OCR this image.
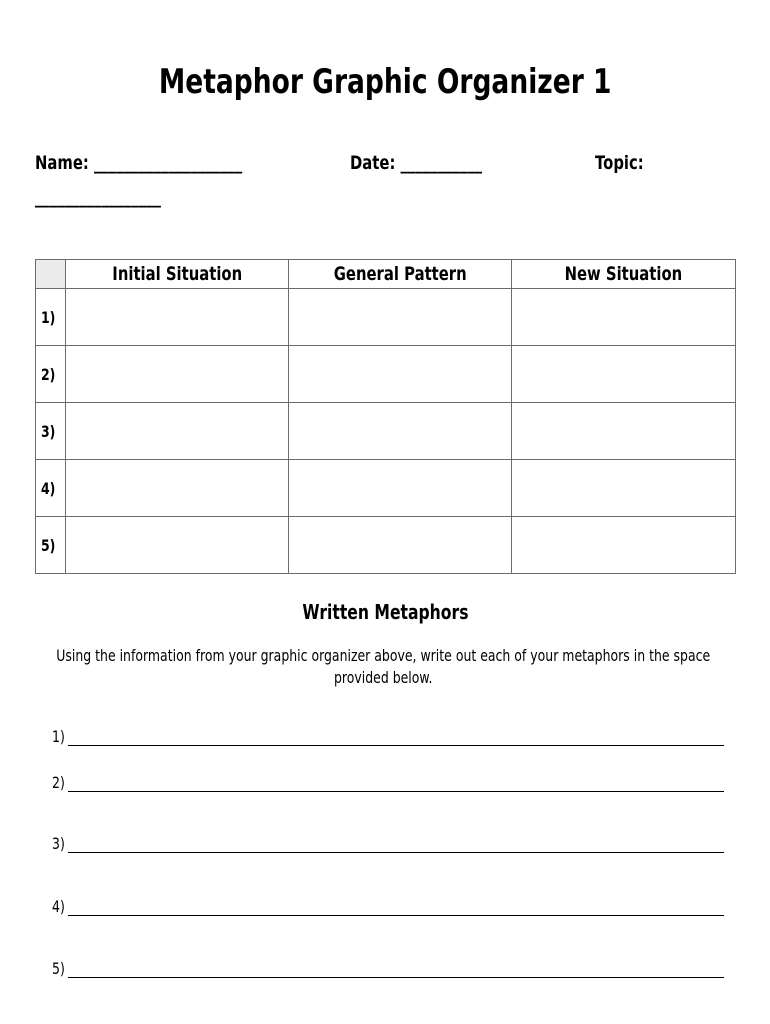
Metaphor Graphic Organizer 1
Name: ____________________	Date: ___________	Topic:
_________________
	Initial Situation	General Pattern	New Situation
1)			
2)			
3)			
4)			
5)			
Written Metaphors
Using the information from your graphic organizer above, write out each of your metaphors in the space provided below.
1)
2)
3)
4)
5)
